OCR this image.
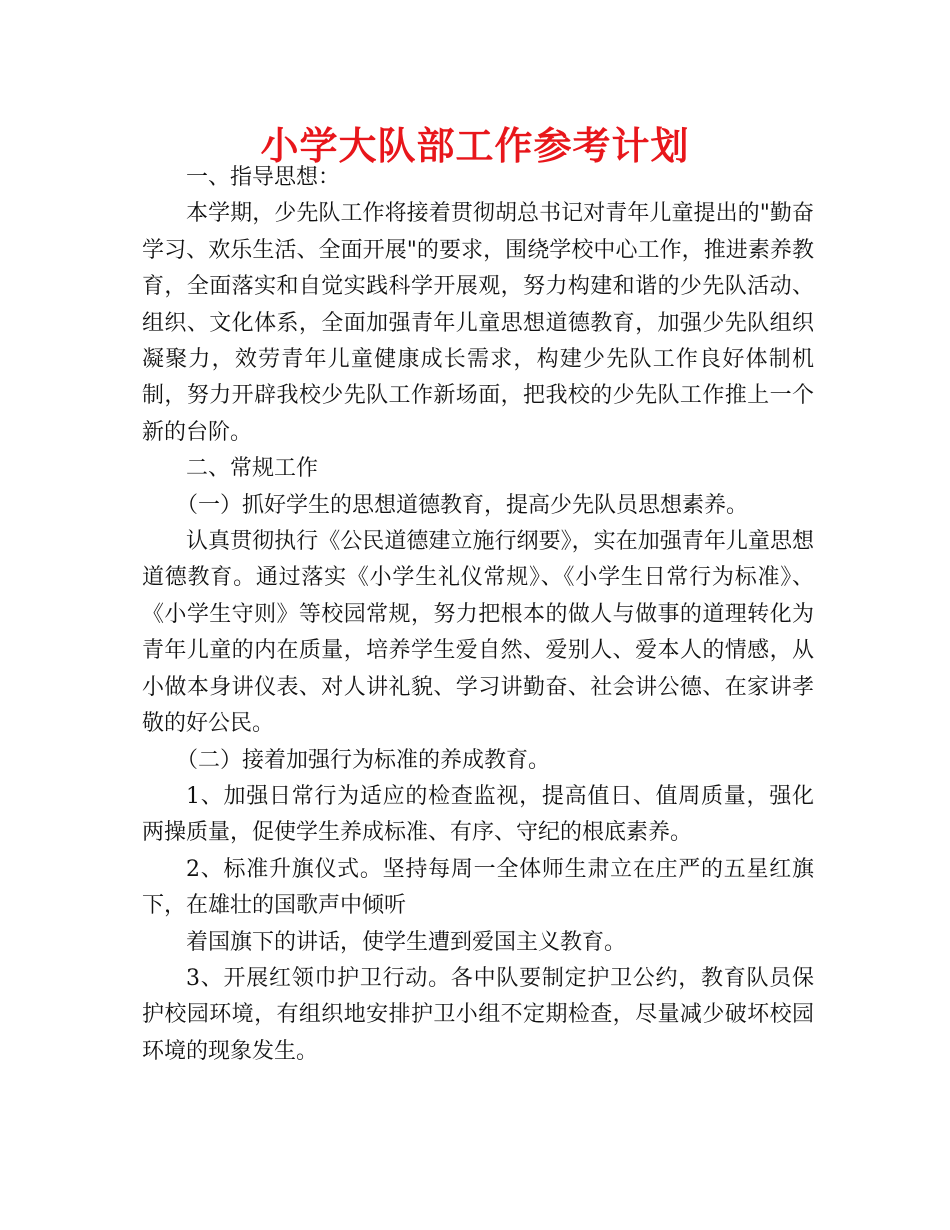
小学大队部工作参考计划

一、指导思想：

本学期，少先队工作将接着贯彻胡总书记对青年儿童提出的"勤奋学习、欢乐生活、全面开展"的要求，围绕学校中心工作，推进素养教育，全面落实和自觉实践科学开展观，努力构建和谐的少先队活动、组织、文化体系，全面加强青年儿童思想道德教育，加强少先队组织凝聚力，效劳青年儿童健康成长需求，构建少先队工作良好体制机制，努力开辟我校少先队工作新场面，把我校的少先队工作推上一个新的台阶。

二、常规工作

（一）抓好学生的思想道德教育，提高少先队员思想素养。

认真贯彻执行《公民道德建立施行纲要》，实在加强青年儿童思想道德教育。通过落实《小学生礼仪常规》、《小学生日常行为标准》、《小学生守则》等校园常规，努力把根本的做人与做事的道理转化为青年儿童的内在质量，培养学生爱自然、爱别人、爱本人的情感，从小做本身讲仪表、对人讲礼貌、学习讲勤奋、社会讲公德、在家讲孝敬的好公民。

（二）接着加强行为标准的养成教育。

1、加强日常行为适应的检查监视，提高值日、值周质量，强化两操质量，促使学生养成标准、有序、守纪的根底素养。

2、标准升旗仪式。坚持每周一全体师生肃立在庄严的五星红旗下，在雄壮的国歌声中倾听

着国旗下的讲话，使学生遭到爱国主义教育。

3、开展红领巾护卫行动。各中队要制定护卫公约，教育队员保护校园环境，有组织地安排护卫小组不定期检查，尽量减少破坏校园环境的现象发生。
